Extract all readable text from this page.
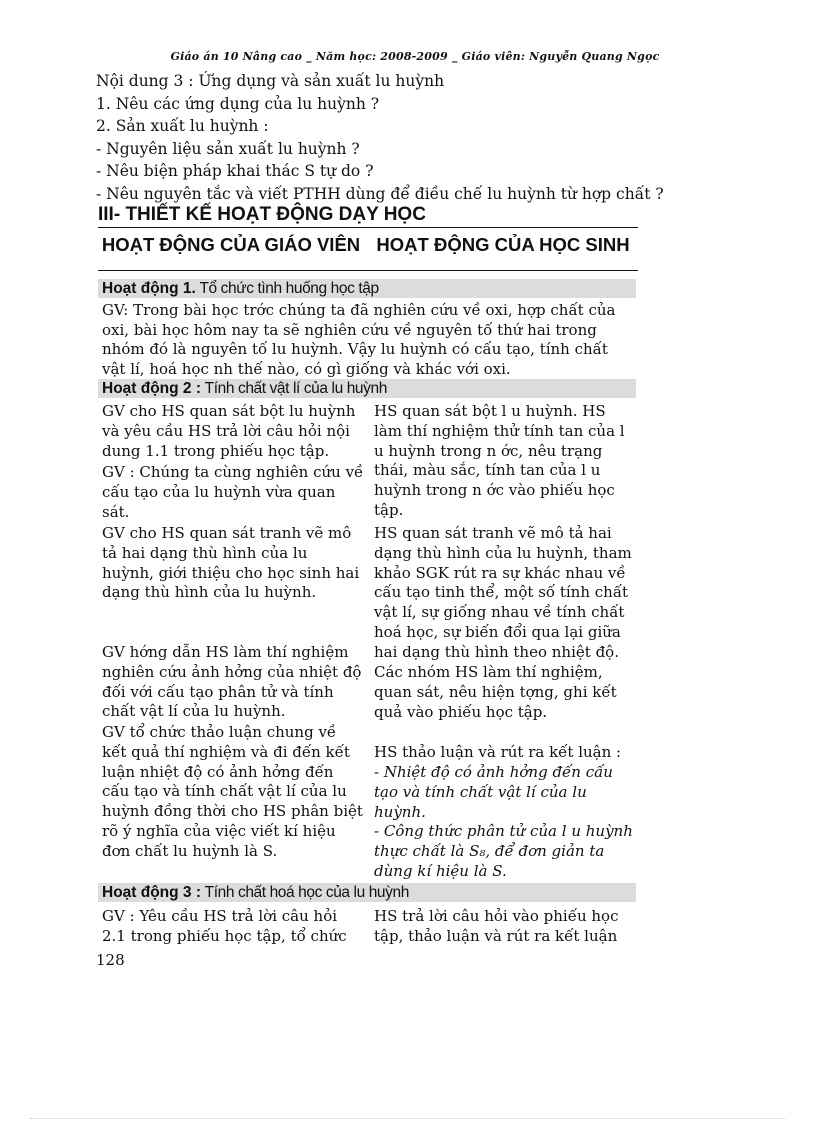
Giáo án 10 Nâng cao _ Năm học: 2008-2009 _ Giáo viên: Nguyễn Quang Ngọc
Nội dung 3 : Ứng dụng và sản xuất lu huỳnh
1. Nêu các ứng dụng của lu huỳnh ?
2. Sản xuất lu huỳnh :
- Nguyên liệu sản xuất lu huỳnh ?
- Nêu biện pháp khai thác S tự do ?
- Nêu nguyên tắc và viết PTHH dùng để điều chế lu huỳnh từ hợp chất ?
III- THIẾT KẾ HOẠT ĐỘNG DẠY HỌC
HOẠT ĐỘNG CỦA GIÁO VIÊN HOẠT ĐỘNG CỦA HỌC SINH
Hoạt động 1. Tổ chức tình huống học tập
GV: Trong bài học trớc chúng ta đã nghiên cứu về oxi, hợp chất của oxi, bài học hôm nay ta sẽ nghiên cứu về nguyên tố thứ hai trong nhóm đó là nguyên tố lu huỳnh. Vậy lu huỳnh có cấu tạo, tính chất vật lí, hoá học nh thế nào, có gì giống và khác với oxi.
Hoạt động 2 : Tính chất vật lí của lu huỳnh
GV cho HS quan sát bột lu huỳnh và yêu cầu HS trả lời câu hỏi nội dung 1.1 trong phiếu học tập.
GV : Chúng ta cùng nghiên cứu về cấu tạo của lu huỳnh vừa quan sát.
GV cho HS quan sát tranh vẽ mô tả hai dạng thù hình của lu huỳnh, giới thiệu cho học sinh hai dạng thù hình của lu huỳnh.
GV hớng dẫn HS làm thí nghiệm nghiên cứu ảnh hởng của nhiệt độ đối với cấu tạo phân tử và tính chất vật lí của lu huỳnh.
GV tổ chức thảo luận chung về kết quả thí nghiệm và đi đến kết luận nhiệt độ có ảnh hởng đến cấu tạo và tính chất vật lí của lu huỳnh đồng thời cho HS phân biệt rõ ý nghĩa của việc viết kí hiệu đơn chất lu huỳnh là S.
HS quan sát bột l u huỳnh. HS làm thí nghiệm thử tính tan của l u huỳnh trong n ớc, nêu trạng thái, màu sắc, tính tan của l u huỳnh trong n ớc vào phiếu học tập.
HS quan sát tranh vẽ mô tả hai dạng thù hình của lu huỳnh, tham khảo SGK rút ra sự khác nhau về cấu tạo tinh thể, một số tính chất vật lí, sự giống nhau về tính chất hoá học, sự biến đổi qua lại giữa hai dạng thù hình theo nhiệt độ.
Các nhóm HS làm thí nghiệm, quan sát, nêu hiện tợng, ghi kết quả vào phiếu học tập.
HS thảo luận và rút ra kết luận :
- Nhiệt độ có ảnh hởng đến cấu tạo và tính chất vật lí của lu huỳnh.
- Công thức phân tử của l u huỳnh thực chất là S₈, để đơn giản ta dùng kí hiệu là S.
Hoạt động 3 : Tính chất hoá học của lu huỳnh
GV : Yêu cầu HS trả lời câu hỏi 2.1 trong phiếu học tập, tổ chức
HS trả lời câu hỏi vào phiếu học tập, thảo luận và rút ra kết luận
128
